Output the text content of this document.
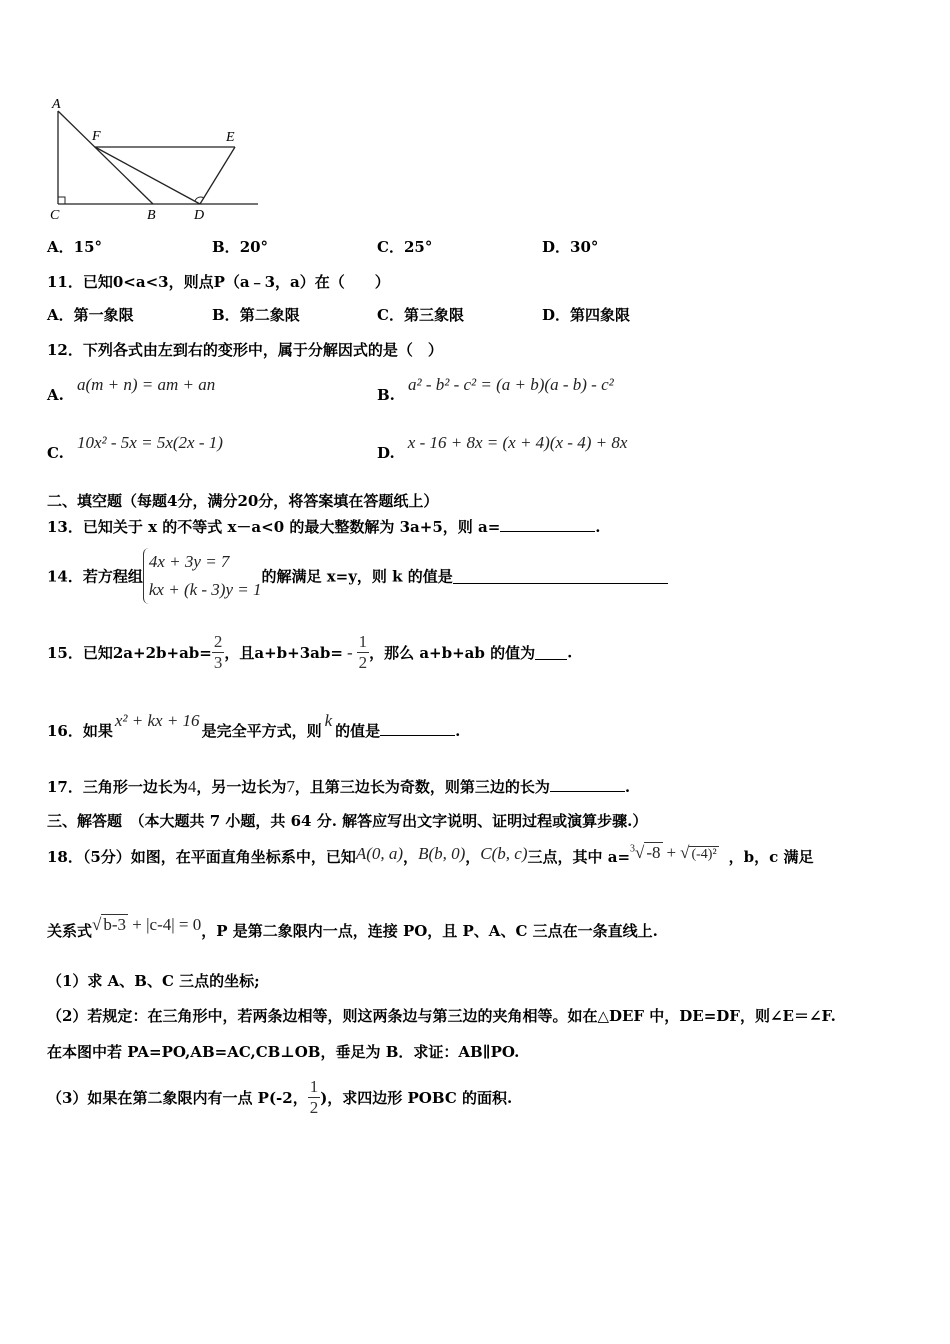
A
F	E
C	B	D
A．15°	B．20°	C．25°	D．30°
11．已知0<a<3，则点P（a﹣3，a）在（　　）
A．第一象限	B．第二象限	C．第三象限	D．第四象限
12．下列各式由左到右的变形中，属于分解因式的是（　）
A. a(m + n) = am + an
B. a² - b² - c² = (a + b)(a - b) - c²
C. 10x² - 5x = 5x(2x - 1)
D. x - 16 + 8x = (x + 4)(x - 4) + 8x
二、填空题（每题4分，满分20分，将答案填在答题纸上）
13．已知关于 x 的不等式 x－a<0 的最大整数解为 3a+5，则 a=	.
14．若方程组
4x + 3y = 7
kx + (k - 3)y = 1
的解满足 x=y，则 k 的值是
15．已知$2a+2b+ab= \frac{2}{3}$ ，且$a+b+3ab= - \frac{1}{2}$ ，那么 a+b+ab 的值为 .
16．如果x² + kx + 16是完全平方式，则k的值是	.
17．三角形一边长为4，另一边长为7，且第三边长为奇数，则第三边的长为	.
三、解答题　（本大题共 7 小题，共 64 分. 解答应写出文字说明、证明过程或演算步骤.）
18．（5分）如图，在平面直角坐标系中，已知A(0, a)，B(b, 0)，C(b, c)三点，其中 a=$^3$√ -8 + √ (-4)² ，b，c 满足
关系式√ b-3 + |c-4| = 0，P 是第二象限内一点，连接 PO，且 P、A、C 三点在一条直线上.
（1）求 A、B、C 三点的坐标;
（2）若规定：在三角形中，若两条边相等，则这两条边与第三边的夹角相等。如在△DEF 中，DE=DF，则∠E＝∠F.
在本图中若 PA=PO,AB=AC,CB⊥OB，垂足为 B．求证：AB∥PO.
（3）如果在第二象限内有一点 P(-2， $\frac{1}{2}$ )，求四边形 POBC 的面积.
